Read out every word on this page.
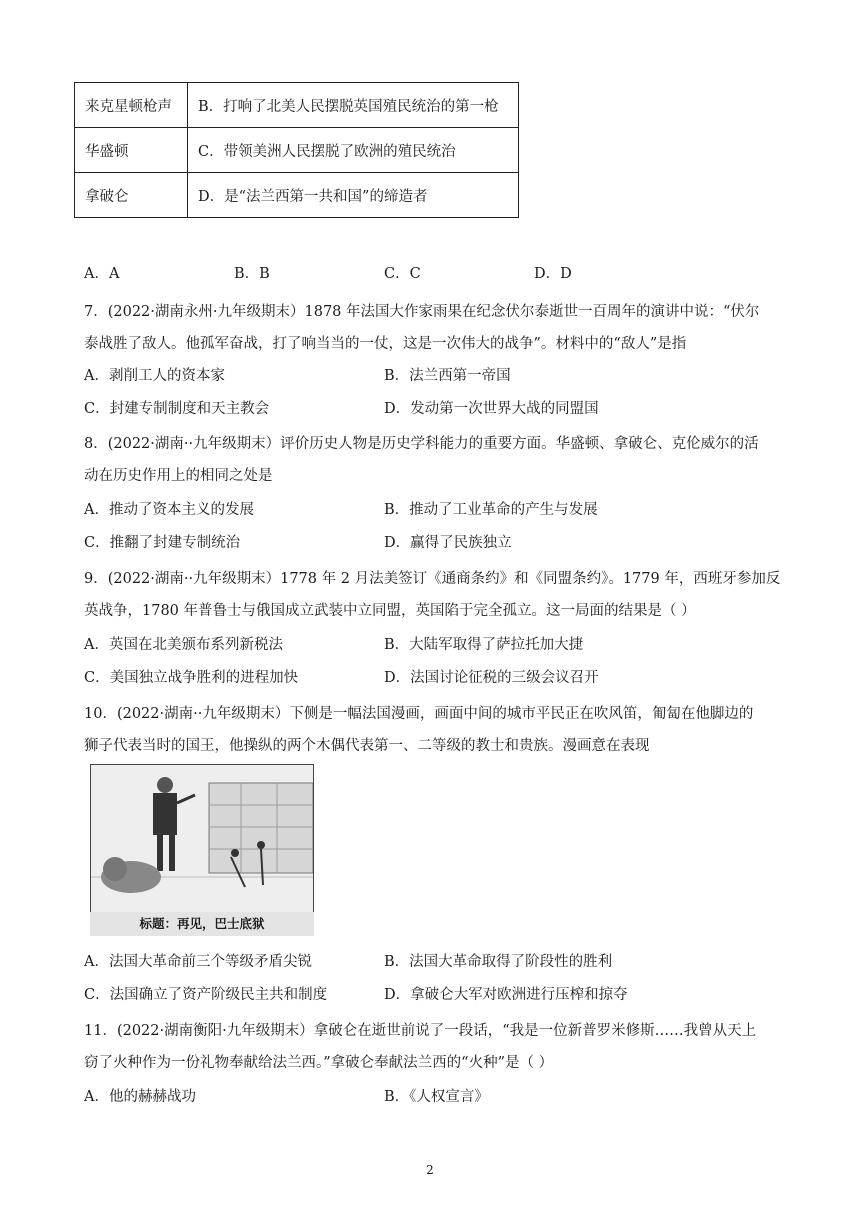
来克星顿枪声	B．打响了北美人民摆脱英国殖民统治的第一枪
华盛顿	C．带领美洲人民摆脱了欧洲的殖民统治
拿破仑	D．是“法兰西第一共和国”的缔造者
A．A	B．B	C．C	D．D
7．(2022·湖南永州·九年级期末）1878 年法国大作家雨果在纪念伏尔泰逝世一百周年的演讲中说：“伏尔
泰战胜了敌人。他孤军奋战，打了响当当的一仗，这是一次伟大的战争”。材料中的“敌人”是指
A．剥削工人的资本家	B．法兰西第一帝国
C．封建专制制度和天主教会	D．发动第一次世界大战的同盟国
8．(2022·湖南··九年级期末）评价历史人物是历史学科能力的重要方面。华盛顿、拿破仑、克伦威尔的活
动在历史作用上的相同之处是
A．推动了资本主义的发展	B．推动了工业革命的产生与发展
C．推翻了封建专制统治	D．赢得了民族独立
9．(2022·湖南··九年级期末）1778 年 2 月法美签订《通商条约》和《同盟条约》。1779 年，西班牙参加反
英战争，1780 年普鲁士与俄国成立武装中立同盟，英国陷于完全孤立。这一局面的结果是（ ）
A．英国在北美颁布系列新税法	B．大陆军取得了萨拉托加大捷
C．美国独立战争胜利的进程加快	D．法国讨论征税的三级会议召开
10．(2022·湖南··九年级期末）下侧是一幅法国漫画，画面中间的城市平民正在吹风笛，匍匐在他脚边的
狮子代表当时的国王，他操纵的两个木偶代表第一、二等级的教士和贵族。漫画意在表现
标题：再见，巴士底狱
A．法国大革命前三个等级矛盾尖锐	B．法国大革命取得了阶段性的胜利
C．法国确立了资产阶级民主共和制度	D．拿破仑大军对欧洲进行压榨和掠夺
11．(2022·湖南衡阳·九年级期末）拿破仑在逝世前说了一段话，“我是一位新普罗米修斯……我曾从天上
窃了火种作为一份礼物奉献给法兰西。”拿破仑奉献法兰西的“火种”是（ ）
A．他的赫赫战功	B．《人权宣言》
2
